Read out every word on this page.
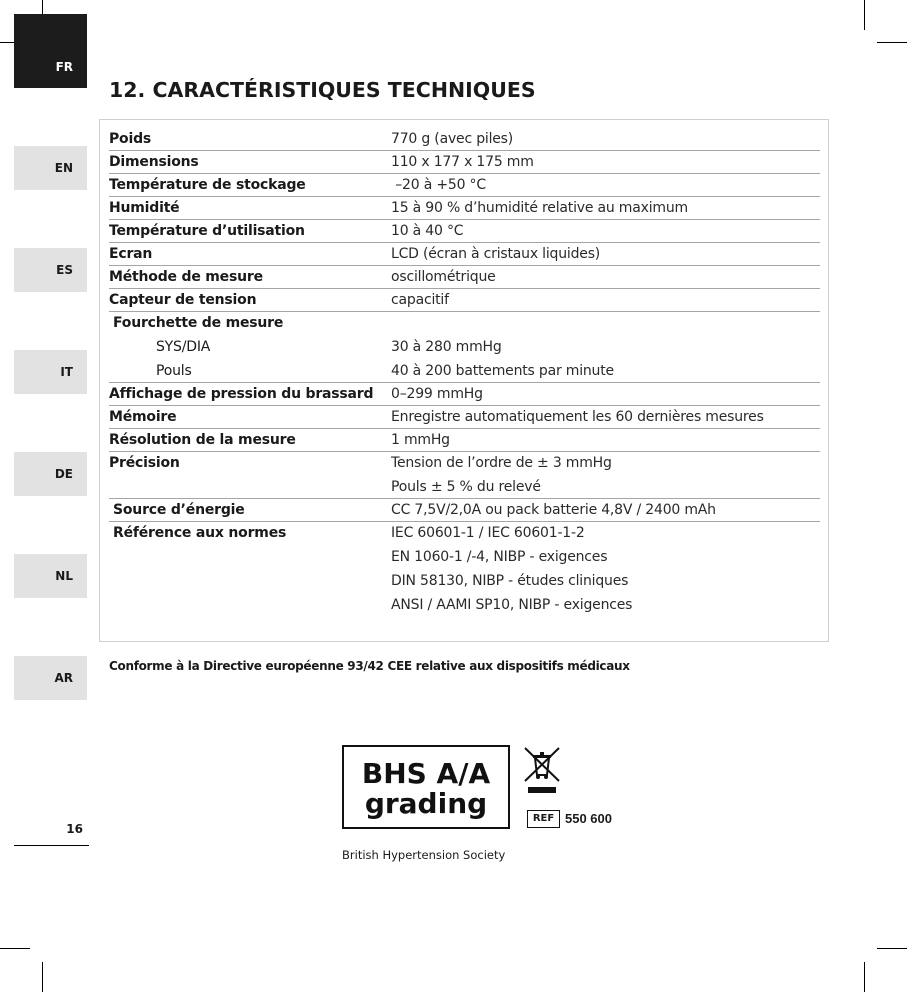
FR
EN
ES
IT
DE
NL
AR
16
12. CARACTÉRISTIQUES TECHNIQUES
Poids	770 g (avec piles)
Dimensions	110 x 177 x 175 mm
Température de stockage	–20 à +50 °C
Humidité	15 à 90 % d’humidité relative au maximum
Température d’utilisation	10 à 40 °C
Ecran	LCD (écran à cristaux liquides)
Méthode de mesure	oscillométrique
Capteur de tension	capacitif
Fourchette de mesure
SYS/DIA	30 à 280 mmHg
Pouls	40 à 200 battements par minute
Affichage de pression du brassard	0–299 mmHg
Mémoire	Enregistre automatiquement les 60 dernières mesures
Résolution de la mesure	1 mmHg
Précision	Tension de l’ordre de ± 3 mmHg
Pouls ± 5 % du relevé
Source d’énergie	CC 7,5V/2,0A ou pack batterie 4,8V / 2400 mAh
Référence aux normes	IEC 60601-1 / IEC 60601-1-2
EN 1060-1 /-4, NIBP - exigences
DIN 58130, NIBP - études cliniques
ANSI / AAMI SP10, NIBP - exigences

Conforme à la Directive européenne 93/42 CEE relative aux dispositifs médicaux

BHS A/A
grading
British Hypertension Society
REF 550 600
